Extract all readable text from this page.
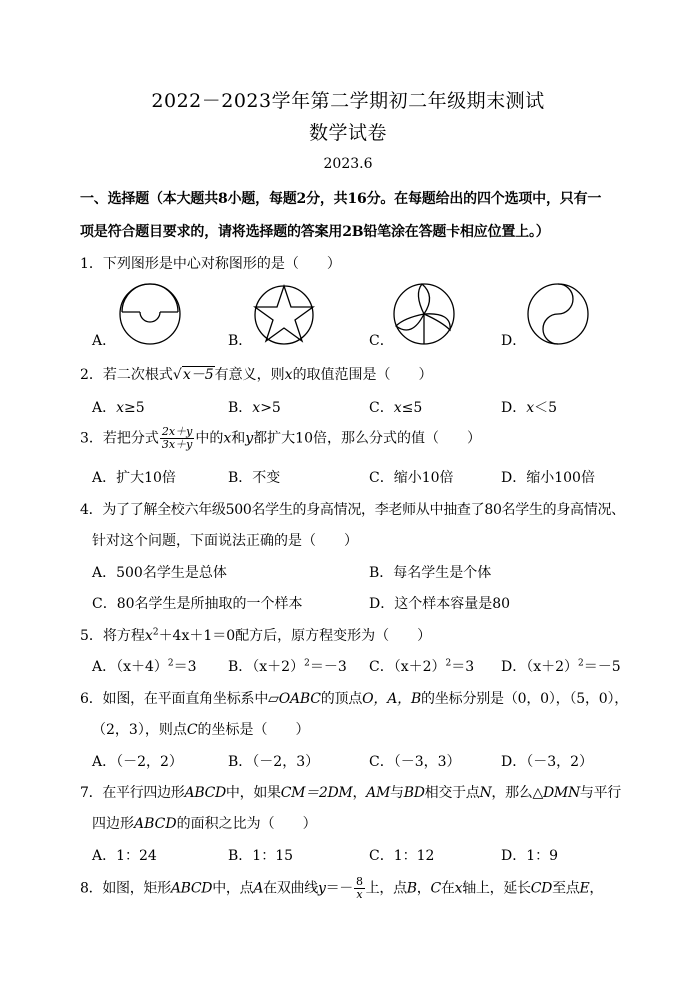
2022－2023学年第二学期初二年级期末测试
数学试卷
2023.6
一、选择题（本大题共8小题，每题2分，共16分。在每题给出的四个选项中，只有一
项是符合题目要求的，请将选择题的答案用2B铅笔涂在答题卡相应位置上。）
1．下列图形是中心对称图形的是（　　）
A．	B．	C．	D．
2．若二次根式√x－5有意义，则x的取值范围是（　　）
A．x≥5	B．x>5	C．x≤5	D．x＜5
3．若把分式 $\frac{2x+y}{3x+y}$ 中的x和y都扩大10倍，那么分式的值（　　）
A．扩大10倍	B．不变	C．缩小10倍	D．缩小100倍
4．为了了解全校六年级500名学生的身高情况，李老师从中抽查了80名学生的身高情况、
针对这个问题，下面说法正确的是（　　）
A．500名学生是总体	B．每名学生是个体
C．80名学生是所抽取的一个样本	D．这个样本容量是80
5．将方程$x^2+4x+1=0$配方后，原方程变形为（　　）
A．$(x+4)^2=3$ B．$(x+2)^2=-3$ C．$(x+2)^2=3$ D．$(x+2)^2=-5$
6．如图，在平面直角坐标系中▱OABC的顶点O，A，B的坐标分别是（0，0），（5，0），
（2，3），则点C的坐标是（　　）
A．（－2，2）	B．（－2，3）	C．（－3，3）	D．（－3，2）
7．在平行四边形ABCD中，如果CM＝2DM，AM与BD相交于点N，那么△DMN与平行
四边形ABCD的面积之比为（　　）
A．1：24	B．1：15	C．1：12	D．1：9
8．如图，矩形ABCD中，点A在双曲线$y=- \frac{8}{x}$ 上，点B，C在x轴上，延长CD至点E，
